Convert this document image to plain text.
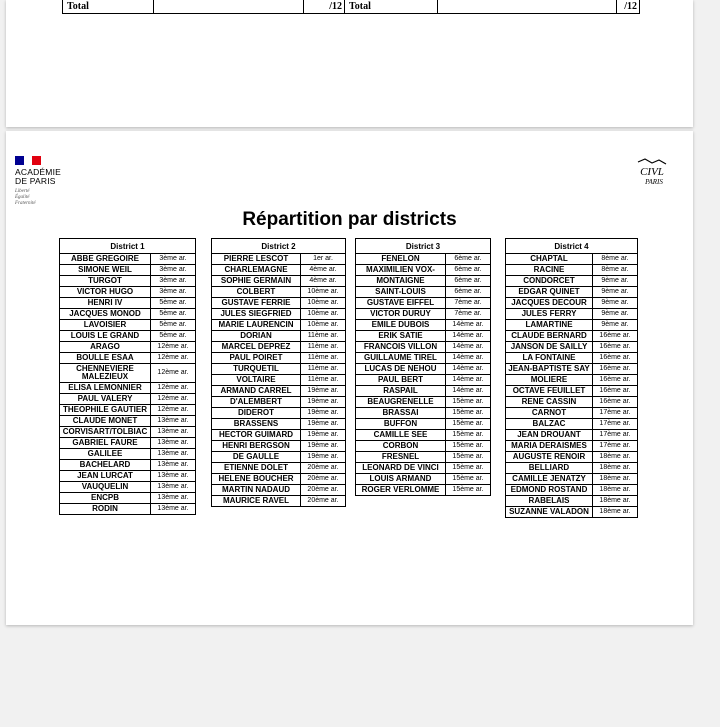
Total		/12	Total		/12
ACADÉMIE
DE PARIS
Liberté
Égalité
Fraternité
CIVL
PARIS
Répartition par districts
District 1	
ABBE GREGOIRE	3ème ar.
SIMONE WEIL	3ème ar.
TURGOT	3ème ar.
VICTOR HUGO	3ème ar.
HENRI IV	5ème ar.
JACQUES MONOD	5ème ar.
LAVOISIER	5ème ar.
LOUIS LE GRAND	5ème ar.
ARAGO	12ème ar.
BOULLE ESAA	12ème ar.
CHENNEVIERE MALEZIEUX	12ème ar.
ELISA LEMONNIER	12ème ar.
PAUL VALERY	12ème ar.
THEOPHILE GAUTIER	12ème ar.
CLAUDE MONET	13ème ar.
CORVISART/TOLBIAC	13ème ar.
GABRIEL FAURE	13ème ar.
GALILEE	13ème ar.
BACHELARD	13ème ar.
JEAN LURCAT	13ème ar.
VAUQUELIN	13ème ar.
ENCPB	13ème ar.
RODIN	13ème ar.
District 2	
PIERRE LESCOT	1er ar.
CHARLEMAGNE	4ème ar.
SOPHIE GERMAIN	4ème ar.
COLBERT	10ème ar.
GUSTAVE FERRIE	10ème ar.
JULES SIEGFRIED	10ème ar.
MARIE LAURENCIN	10ème ar.
DORIAN	11ème ar.
MARCEL DEPREZ	11ème ar.
PAUL POIRET	11ème ar.
TURQUETIL	11ème ar.
VOLTAIRE	11ème ar.
ARMAND CARREL	19ème ar.
D'ALEMBERT	19ème ar.
DIDEROT	19ème ar.
BRASSENS	19ème ar.
HECTOR GUIMARD	19ème ar.
HENRI BERGSON	19ème ar.
DE GAULLE	19ème ar.
ETIENNE DOLET	20ème ar.
HELENE BOUCHER	20ème ar.
MARTIN NADAUD	20ème ar.
MAURICE RAVEL	20ème ar.
District 3	
FENELON	6ème ar.
MAXIMILIEN VOX-	6ème ar.
MONTAIGNE	6ème ar.
SAINT-LOUIS	6ème ar.
GUSTAVE EIFFEL	7ème ar.
VICTOR DURUY	7ème ar.
EMILE DUBOIS	14ème ar.
ERIK SATIE	14ème ar.
FRANCOIS VILLON	14ème ar.
GUILLAUME TIREL	14ème ar.
LUCAS DE NEHOU	14ème ar.
PAUL BERT	14ème ar.
RASPAIL	14ème ar.
BEAUGRENELLE	15ème ar.
BRASSAI	15ème ar.
BUFFON	15ème ar.
CAMILLE SEE	15ème ar.
CORBON	15ème ar.
FRESNEL	15ème ar.
LEONARD DE VINCI	15ème ar.
LOUIS ARMAND	15ème ar.
ROGER VERLOMME	15ème ar.
District 4	
CHAPTAL	8ème ar.
RACINE	8ème ar.
CONDORCET	9ème ar.
EDGAR QUINET	9ème ar.
JACQUES DECOUR	9ème ar.
JULES FERRY	9ème ar.
LAMARTINE	9ème ar.
CLAUDE BERNARD	16ème ar.
JANSON DE SAILLY	16ème ar.
LA FONTAINE	16ème ar.
JEAN-BAPTISTE SAY	16ème ar.
MOLIERE	16ème ar.
OCTAVE FEUILLET	16ème ar.
RENE CASSIN	16ème ar.
CARNOT	17ème ar.
BALZAC	17ème ar.
JEAN DROUANT	17ème ar.
MARIA DERAISMES	17ème ar.
AUGUSTE RENOIR	18ème ar.
BELLIARD	18ème ar.
CAMILLE JENATZY	18ème ar.
EDMOND ROSTAND	18ème ar.
RABELAIS	18ème ar.
SUZANNE VALADON	18ème ar.
